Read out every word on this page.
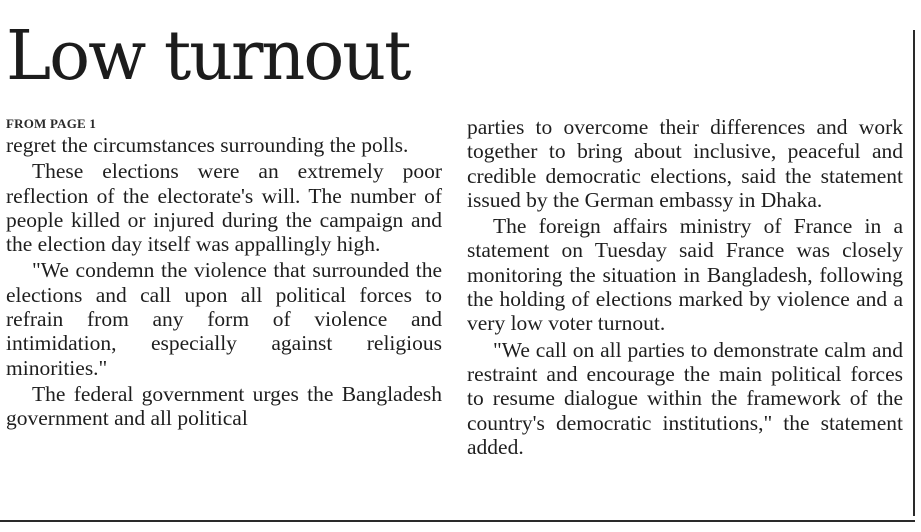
Low turnout
FROM PAGE 1

regret the circumstances surrounding the polls.

These elections were an extremely poor reflection of the electorate's will. The number of people killed or injured during the campaign and the election day itself was appallingly high.

"We condemn the violence that surrounded the elections and call upon all political forces to refrain from any form of violence and intimidation, especially against religious minorities."

The federal government urges the Bangladesh government and all political

parties to overcome their differences and work together to bring about inclusive, peaceful and credible democratic elections, said the statement issued by the German embassy in Dhaka.

The foreign affairs ministry of France in a statement on Tuesday said France was closely monitoring the situation in Bangladesh, following the holding of elections marked by violence and a very low voter turnout.

"We call on all parties to demonstrate calm and restraint and encourage the main political forces to resume dialogue within the framework of the country's democratic institutions," the statement added.
